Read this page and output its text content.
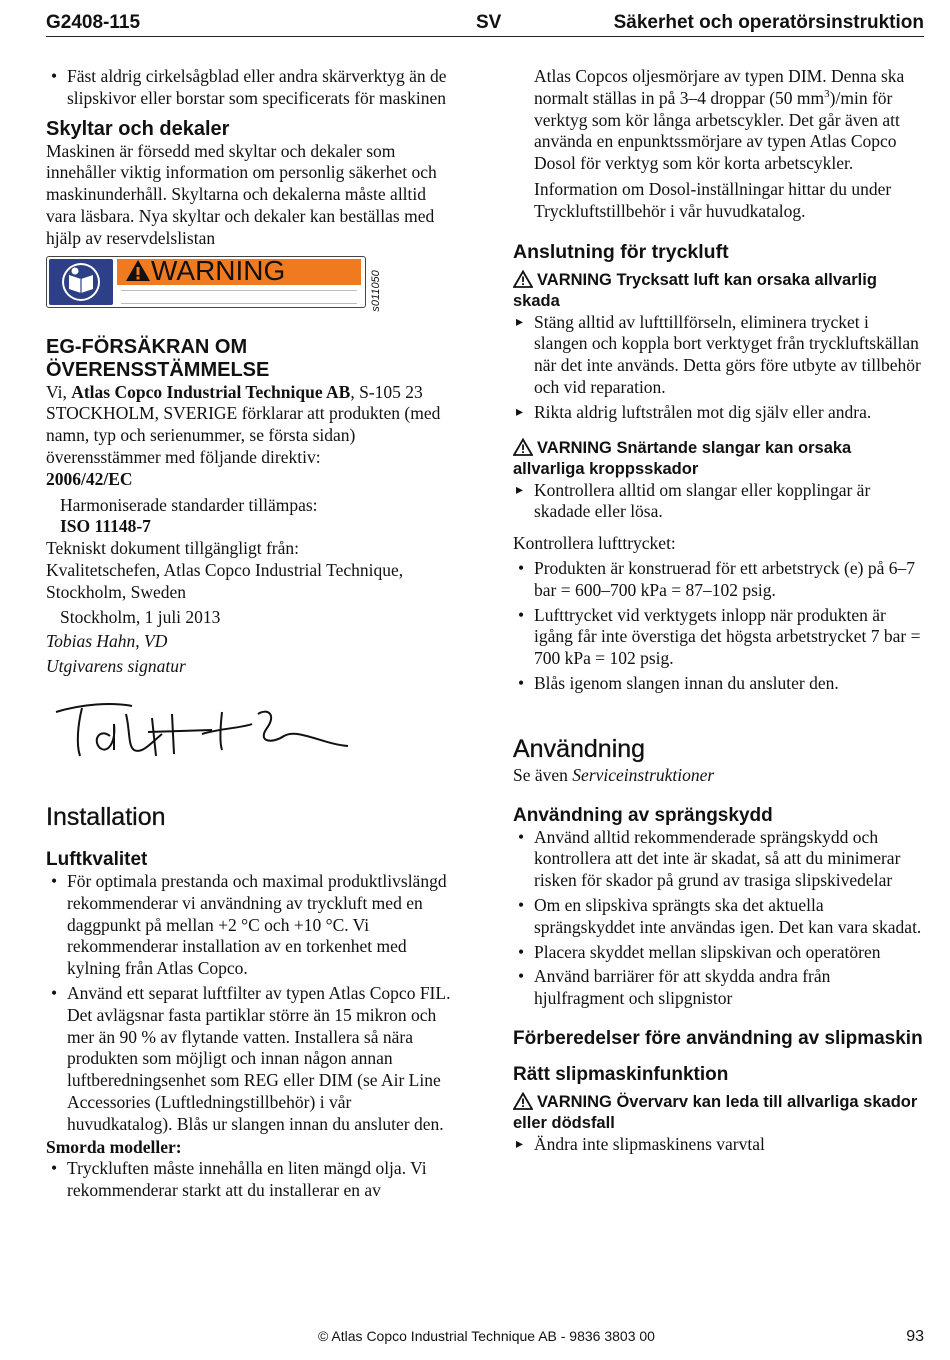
G2408-115	SV	Säkerhet och operatörsinstruktion
• Fäst aldrig cirkelsågblad eller andra skärverktyg än de slipskivor eller borstar som specificerats för maskinen
Skyltar och dekaler

Maskinen är försedd med skyltar och dekaler som innehåller viktig information om personlig säkerhet och maskinunderhåll. Skyltarna och dekalerna måste alltid vara läsbara. Nya skyltar och dekaler kan beställas med hjälp av reservdelslistan

WARNING	s011050
EG-FÖRSÄKRAN OM
ÖVERENSSTÄMMELSE

Vi, Atlas Copco Industrial Technique AB, S-105 23 STOCKHOLM, SVERIGE förklarar att produkten (med namn, typ och serienummer, se första sidan) överensstämmer med följande direktiv:

2006/42/EC

Harmoniserade standarder tillämpas:

ISO 11148-7

Tekniskt dokument tillgängligt från:

Kvalitetschefen, Atlas Copco Industrial Technique, Stockholm, Sweden

Stockholm, 1 juli 2013

Tobias Hahn, VD

Utgivarens signatur

Installation
Luftkvalitet
• För optimala prestanda och maximal produktlivslängd rekommenderar vi användning av tryckluft med en daggpunkt på mellan +2 °C och +10 °C. Vi rekommenderar installation av en torkenhet med kylning från Atlas Copco.
• Använd ett separat luftfilter av typen Atlas Copco FIL. Det avlägsnar fasta partiklar större än 15 mikron och mer än 90 % av flytande vatten. Installera så nära produkten som möjligt och innan någon annan luftberedningsenhet som REG eller DIM (se Air Line Accessories (Luftledningstillbehör) i vår huvudkatalog). Blås ur slangen innan du ansluter den.

Smorda modeller:

• Tryckluften måste innehålla en liten mängd olja. Vi rekommenderar starkt att du installerar en av

Atlas Copcos oljesmörjare av typen DIM. Denna ska normalt ställas in på 3–4 droppar (50 $mm^3)/\min$ för verktyg som kör långa arbetscykler. Det går även att använda en enpunktssmörjare av typen Atlas Copco Dosol för verktyg som kör korta arbetscykler.

Information om Dosol-inställningar hittar du under Tryckluftstillbehör i vår huvudkatalog.

Anslutning för tryckluft
VARNING Trycksatt luft kan orsaka allvarlig skada
▸ Stäng alltid av lufttillförseln, eliminera trycket i slangen och koppla bort verktyget från tryckluftskällan när det inte används. Detta görs före utbyte av tillbehör och vid reparation.
▸ Rikta aldrig luftstrålen mot dig själv eller andra.
VARNING Snärtande slangar kan orsaka allvarliga kroppsskador
▸ Kontrollera alltid om slangar eller kopplingar är skadade eller lösa.

Kontrollera lufttrycket:

• Produkten är konstruerad för ett arbetstryck (e) på 6–7 bar = 600–700 kPa = 87–102 psig.
• Lufttrycket vid verktygets inlopp när produkten är igång får inte överstiga det högsta arbetstrycket 7 bar = 700 kPa = 102 psig.
• Blås igenom slangen innan du ansluter den.
Användning

Se även Serviceinstruktioner

Användning av sprängskydd
• Använd alltid rekommenderade sprängskydd och kontrollera att det inte är skadat, så att du minimerar risken för skador på grund av trasiga slipskivedelar
• Om en slipskiva sprängts ska det aktuella sprängskyddet inte användas igen. Det kan vara skadat.
• Placera skyddet mellan slipskivan och operatören
• Använd barriärer för att skydda andra från hjulfragment och slipgnistor
Förberedelser före användning av slipmaskin
Rätt slipmaskinfunktion
VARNING Övervarv kan leda till allvarliga skador eller dödsfall
▸ Ändra inte slipmaskinens varvtal
© Atlas Copco Industrial Technique AB - 9836 3803 00	93
